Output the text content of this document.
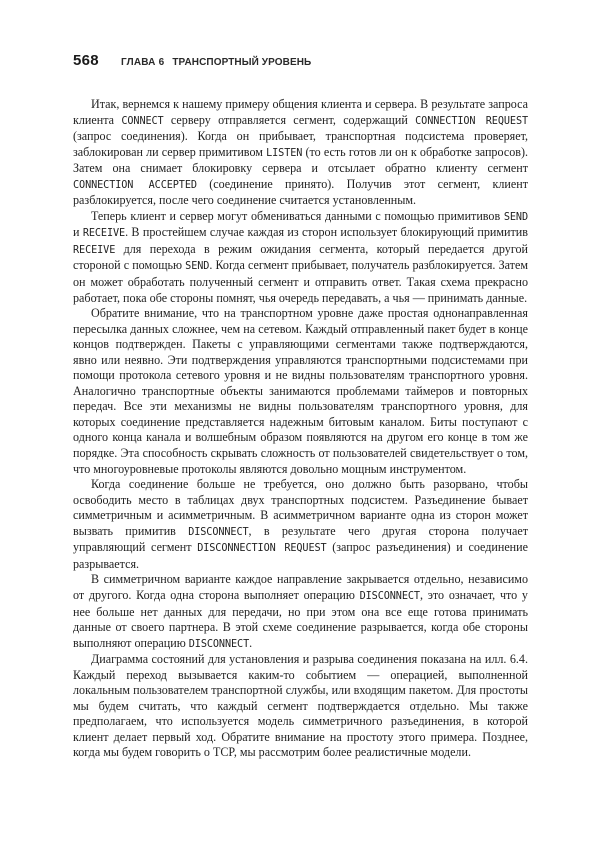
568	ГЛАВА 6 ТРАНСПОРТНЫЙ УРОВЕНЬ

Итак, вернемся к нашему примеру общения клиента и сервера. В результате запроса клиента CONNECT серверу отправляется сегмент, содержащий CONNECTION REQUEST (запрос соединения). Когда он прибывает, транспортная подсистема проверяет, заблокирован ли сервер примитивом LISTEN (то есть готов ли он к обработке запросов). Затем она снимает блокировку сервера и отсылает обратно клиенту сегмент CONNECTION ACCEPTED (соединение принято). Получив этот сегмент, клиент разблокируется, после чего соединение считается установленным.

Теперь клиент и сервер могут обмениваться данными с помощью примитивов SEND и RECEIVE. В простейшем случае каждая из сторон использует блокирующий примитив RECEIVE для перехода в режим ожидания сегмента, который передается другой стороной с помощью SEND. Когда сегмент прибывает, получатель разблокируется. Затем он может обработать полученный сегмент и отправить ответ. Такая схема прекрасно работает, пока обе стороны помнят, чья очередь передавать, а чья — принимать данные.

Обратите внимание, что на транспортном уровне даже простая однонаправленная пересылка данных сложнее, чем на сетевом. Каждый отправленный пакет будет в конце концов подтвержден. Пакеты с управляющими сегментами также подтверждаются, явно или неявно. Эти подтверждения управляются транспортными подсистемами при помощи протокола сетевого уровня и не видны пользователям транспортного уровня. Аналогично транспортные объекты занимаются проблемами таймеров и повторных передач. Все эти механизмы не видны пользователям транспортного уровня, для которых соединение представляется надежным битовым каналом. Биты поступают с одного конца канала и волшебным образом появляются на другом его конце в том же порядке. Эта способность скрывать сложность от пользователей свидетельствует о том, что многоуровневые протоколы являются довольно мощным инструментом.

Когда соединение больше не требуется, оно должно быть разорвано, чтобы освободить место в таблицах двух транспортных подсистем. Разъединение бывает симметричным и асимметричным. В асимметричном варианте одна из сторон может вызвать примитив DISCONNECT, в результате чего другая сторона получает управляющий сегмент DISCONNECTION REQUEST (запрос разъединения) и соединение разрывается.

В симметричном варианте каждое направление закрывается отдельно, независимо от другого. Когда одна сторона выполняет операцию DISCONNECT, это означает, что у нее больше нет данных для передачи, но при этом она все еще готова принимать данные от своего партнера. В этой схеме соединение разрывается, когда обе стороны выполняют операцию DISCONNECT.

Диаграмма состояний для установления и разрыва соединения показана на илл. 6.4. Каждый переход вызывается каким-то событием — операцией, выполненной локальным пользователем транспортной службы, или входящим пакетом. Для простоты мы будем считать, что каждый сегмент подтверждается отдельно. Мы также предполагаем, что используется модель симметричного разъединения, в которой клиент делает первый ход. Обратите внимание на простоту этого примера. Позднее, когда мы будем говорить о TCP, мы рассмотрим более реалистичные модели.
